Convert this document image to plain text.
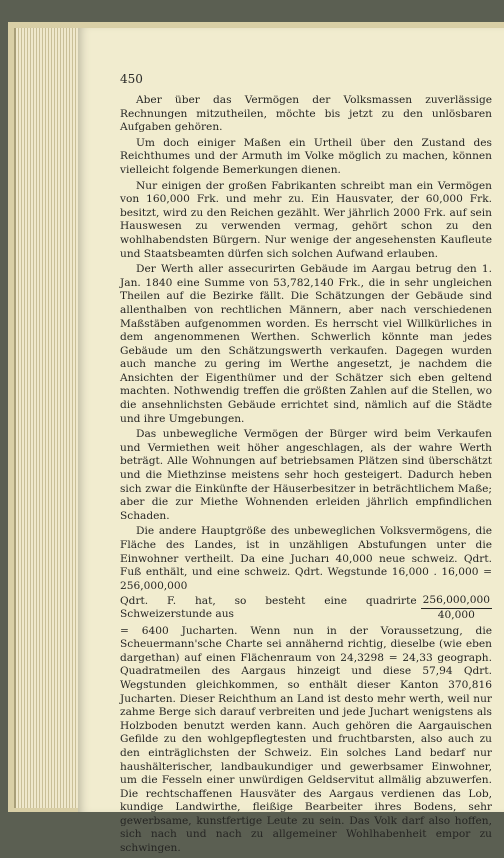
450

Aber über das Vermögen der Volksmassen zuverlässige Rechnungen mitzutheilen, möchte bis jetzt zu den unlösbaren Aufgaben gehören.

Um doch einiger Maßen ein Urtheil über den Zustand des Reichthumes und der Armuth im Volke möglich zu machen, können vielleicht folgende Bemerkungen dienen.

Nur einigen der großen Fabrikanten schreibt man ein Vermögen von 160,000 Frk. und mehr zu. Ein Hausvater, der 60,000 Frk. besitzt, wird zu den Reichen gezählt. Wer jährlich 2000 Frk. auf sein Hauswesen zu verwenden vermag, gehört schon zu den wohlhabendsten Bürgern. Nur wenige der angesehensten Kaufleute und Staatsbeamten dürfen sich solchen Aufwand erlauben.

Der Werth aller assecurirten Gebäude im Aargau betrug den 1. Jan. 1840 eine Summe von 53,782,140 Frk., die in sehr ungleichen Theilen auf die Bezirke fällt. Die Schätzungen der Gebäude sind allenthalben von rechtlichen Männern, aber nach verschiedenen Maßstäben aufgenommen worden. Es herrscht viel Willkürliches in dem angenommenen Werthen. Schwerlich könnte man jedes Gebäude um den Schätzungswerth verkaufen. Dagegen wurden auch manche zu gering im Werthe angesetzt, je nachdem die Ansichten der Eigenthümer und der Schätzer sich eben geltend machten. Nothwendig treffen die größten Zahlen auf die Stellen, wo die ansehnlichsten Gebäude errichtet sind, nämlich auf die Städte und ihre Umgebungen.

Das unbewegliche Vermögen der Bürger wird beim Verkaufen und Vermiethen weit höher angeschlagen, als der wahre Werth beträgt. Alle Wohnungen auf betriebsamen Plätzen sind überschätzt und die Miethzinse meistens sehr hoch gesteigert. Dadurch heben sich zwar die Einkünfte der Häuserbesitzer in beträchtlichem Maße; aber die zur Miethe Wohnenden erleiden jährlich empfindlichen Schaden.

Die andere Hauptgröße des unbeweglichen Volksvermögens, die Fläche des Landes, ist in unzähligen Abstufungen unter die Einwohner vertheilt. Da eine Jucharı 40,000 neue schweiz. Qdrt. Fuß enthält, und eine schweiz. Qdrt. Wegstunde 16,000 . 16,000 = 256,000,000

Qdrt. F. hat, so besteht eine quadrirte Schweizerstunde aus	$\frac{256,000,000}{40,000}$

= 6400 Jucharten. Wenn nun in der Voraussetzung, die Scheuermann'sche Charte sei annähernd richtig, dieselbe (wie eben dargethan) auf einen Flächenraum von 24,3298 = 24,33 geograph. Quadratmeilen des Aargaus hinzeigt und diese 57,94 Qdrt. Wegstunden gleichkommen, so enthält dieser Kanton 370,816 Jucharten. Dieser Reichthum an Land ist desto mehr werth, weil nur zahme Berge sich darauf verbreiten und jede Juchart wenigstens als Holzboden benutzt werden kann. Auch gehören die Aargauischen Gefilde zu den wohlgepflegtesten und fruchtbarsten, also auch zu den einträglichsten der Schweiz. Ein solches Land bedarf nur haushälterischer, landbaukundiger und gewerbsamer Einwohner, um die Fesseln einer unwürdigen Geldservitut allmälig abzuwerfen. Die rechtschaffenen Hausväter des Aargaus verdienen das Lob, kundige Landwirthe, fleißige Bearbeiter ihres Bodens, sehr gewerbsame, kunstfertige Leute zu sein. Das Volk darf also hoffen, sich nach und nach zu allgemeiner Wohlhabenheit empor zu schwingen.
